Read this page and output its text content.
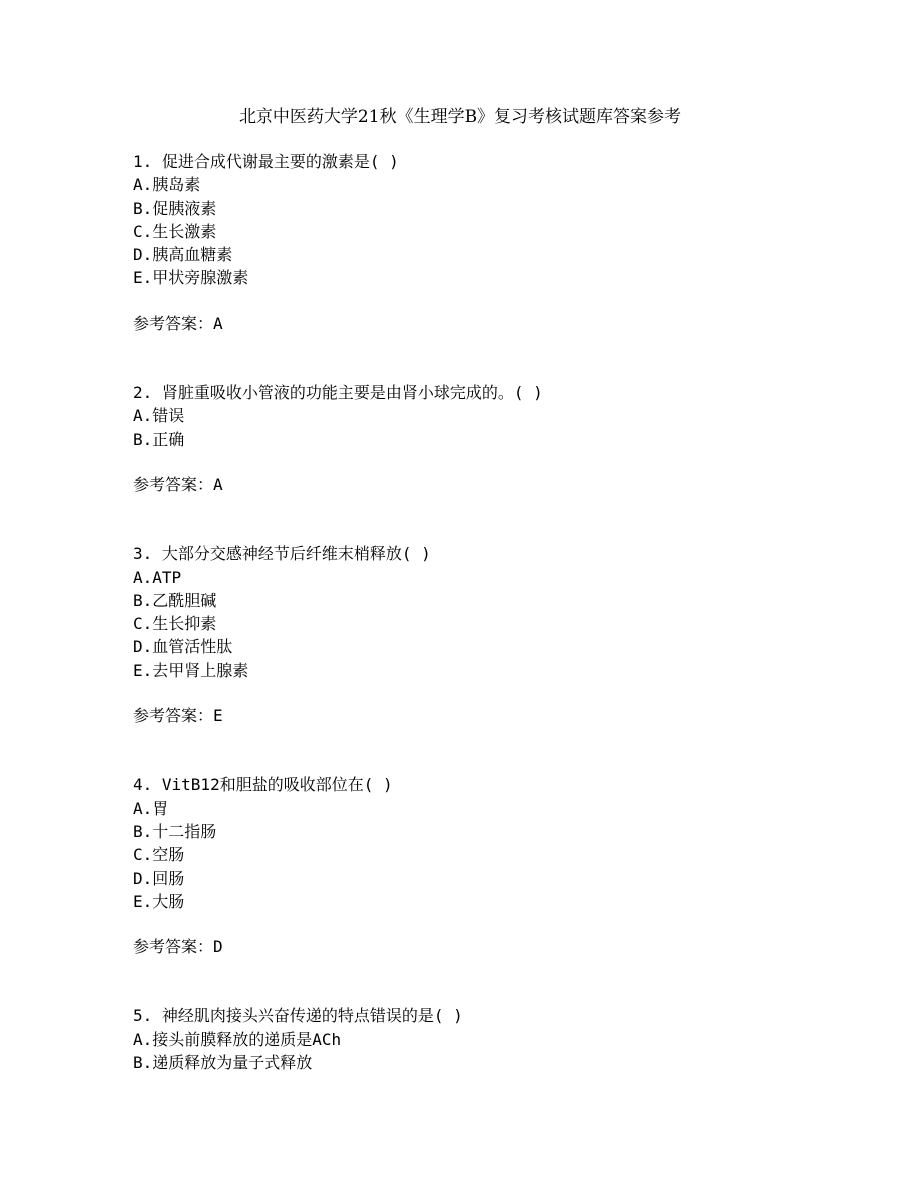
北京中医药大学21秋《生理学B》复习考核试题库答案参考
1. 促进合成代谢最主要的激素是( )
A.胰岛素
B.促胰液素
C.生长激素
D.胰高血糖素
E.甲状旁腺激素
参考答案：A
2. 肾脏重吸收小管液的功能主要是由肾小球完成的。( )
A.错误
B.正确
参考答案：A
3. 大部分交感神经节后纤维末梢释放( )
A.ATP
B.乙酰胆碱
C.生长抑素
D.血管活性肽
E.去甲肾上腺素
参考答案：E
4. VitB12和胆盐的吸收部位在( )
A.胃
B.十二指肠
C.空肠
D.回肠
E.大肠
参考答案：D
5. 神经肌肉接头兴奋传递的特点错误的是( )
A.接头前膜释放的递质是ACh
B.递质释放为量子式释放
